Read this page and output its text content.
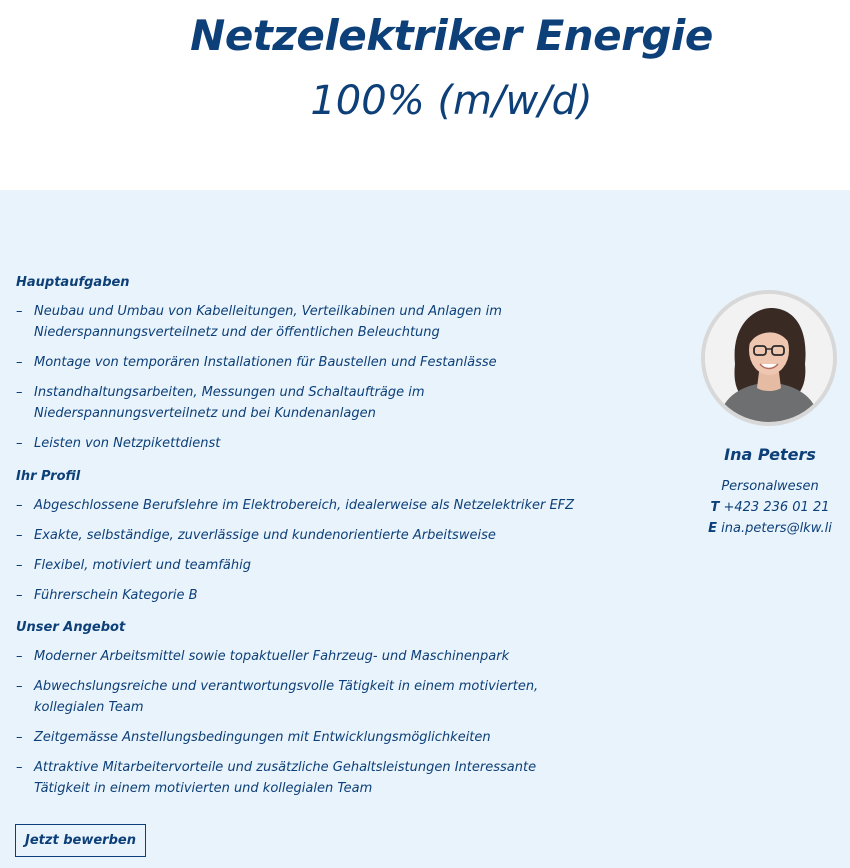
Netzelektriker Energie
100% (m/w/d)
Hauptaufgaben
– Neubau und Umbau von Kabelleitungen, Verteilkabinen und Anlagen im Niederspannungsverteilnetz und der öffentlichen Beleuchtung
– Montage von temporären Installationen für Baustellen und Festanlässe
– Instandhaltungsarbeiten, Messungen und Schaltaufträge im Niederspannungsverteilnetz und bei Kundenanlagen
– Leisten von Netzpikettdienst
Ihr Profil
– Abgeschlossene Berufslehre im Elektrobereich, idealerweise als Netzelektriker EFZ
– Exakte, selbständige, zuverlässige und kundenorientierte Arbeitsweise
– Flexibel, motiviert und teamfähig
– Führerschein Kategorie B
Unser Angebot
– Moderner Arbeitsmittel sowie topaktueller Fahrzeug- und Maschinenpark
– Abwechslungsreiche und verantwortungsvolle Tätigkeit in einem motivierten, kollegialen Team
– Zeitgemässe Anstellungsbedingungen mit Entwicklungsmöglichkeiten
– Attraktive Mitarbeitervorteile und zusätzliche Gehaltsleistungen Interessante Tätigkeit in einem motivierten und kollegialen Team
Jetzt bewerben
Ina Peters
Personalwesen
T +423 236 01 21
E ina.peters@lkw.li
